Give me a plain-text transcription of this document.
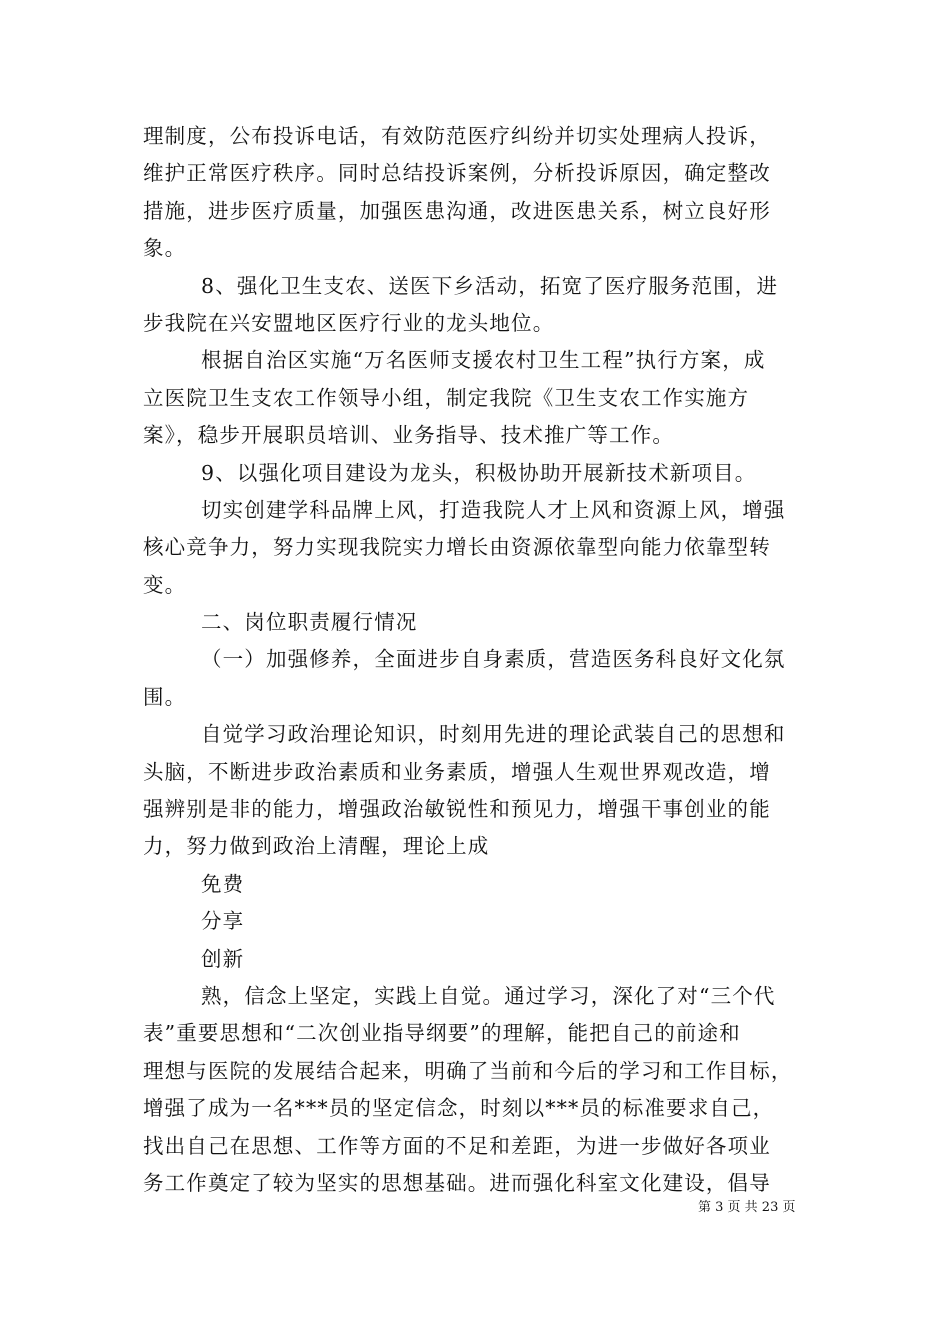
理制度，公布投诉电话，有效防范医疗纠纷并切实处理病人投诉，
维护正常医疗秩序。同时总结投诉案例，分析投诉原因，确定整改
措施，进步医疗质量，加强医患沟通，改进医患关系，树立良好形
象。
8、强化卫生支农、送医下乡活动，拓宽了医疗服务范围，进
步我院在兴安盟地区医疗行业的龙头地位。
根据自治区实施“万名医师支援农村卫生工程”执行方案，成
立医院卫生支农工作领导小组，制定我院《卫生支农工作实施方
案》，稳步开展职员培训、业务指导、技术推广等工作。
9、以强化项目建设为龙头，积极协助开展新技术新项目。
切实创建学科品牌上风，打造我院人才上风和资源上风，增强
核心竞争力，努力实现我院实力增长由资源依靠型向能力依靠型转
变。
二、岗位职责履行情况
（一）加强修养，全面进步自身素质，营造医务科良好文化氛
围。
自觉学习政治理论知识，时刻用先进的理论武装自己的思想和
头脑，不断进步政治素质和业务素质，增强人生观世界观改造，增
强辨别是非的能力，增强政治敏锐性和预见力，增强干事创业的能
力，努力做到政治上清醒，理论上成
免费
分享
创新
熟，信念上坚定，实践上自觉。通过学习，深化了对“三个代
表”重要思想和“二次创业指导纲要”的理解，能把自己的前途和
理想与医院的发展结合起来，明确了当前和今后的学习和工作目标，
增强了成为一名***员的坚定信念，时刻以***员的标准要求自己，
找出自己在思想、工作等方面的不足和差距，为进一步做好各项业
务工作奠定了较为坚实的思想基础。进而强化科室文化建设，倡导
第 3 页 共 23 页
